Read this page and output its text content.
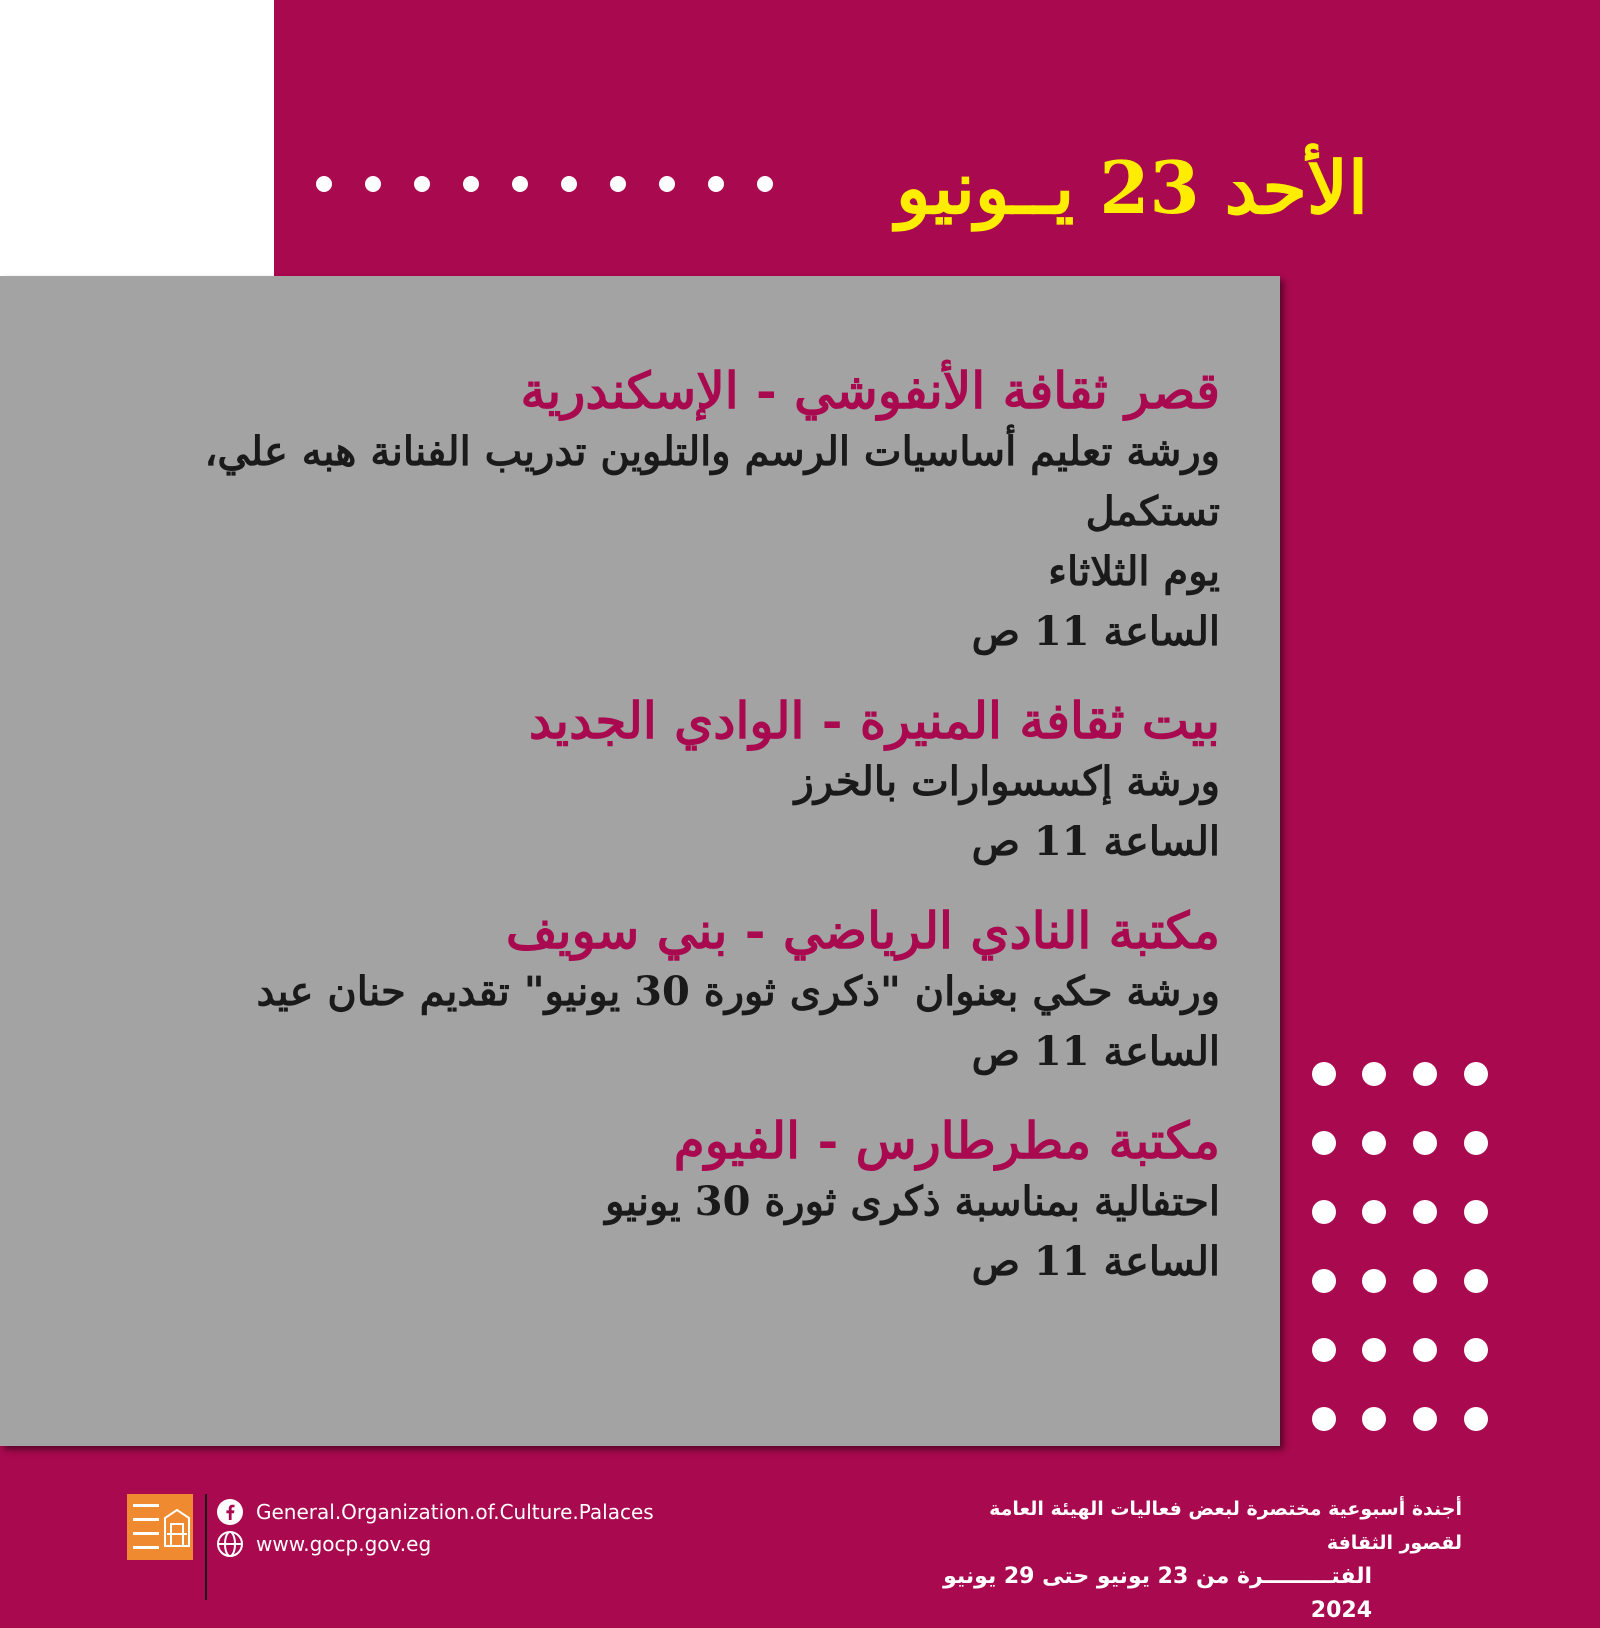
الأحد 23 يــونيو
قصر ثقافة الأنفوشي - الإسكندرية
ورشة تعليم أساسيات الرسم والتلوين تدريب الفنانة هبه علي، تستكمل
يوم الثلاثاء
الساعة 11 ص
بيت ثقافة المنيرة - الوادي الجديد
ورشة إكسسوارات بالخرز
الساعة 11 ص
مكتبة النادي الرياضي - بني سويف
ورشة حكي بعنوان "ذكرى ثورة 30 يونيو" تقديم حنان عيد
الساعة 11 ص
مكتبة مطرطارس - الفيوم
احتفالية بمناسبة ذكرى ثورة 30 يونيو
الساعة 11 ص
General.Organization.of.Culture.Palaces
www.gocp.gov.eg
أجندة أسبوعية مختصرة لبعض فعاليات الهيئة العامة لقصور الثقافة
الفتـــــــــرة من 23 يونيو حتى 29 يونيو 2024
